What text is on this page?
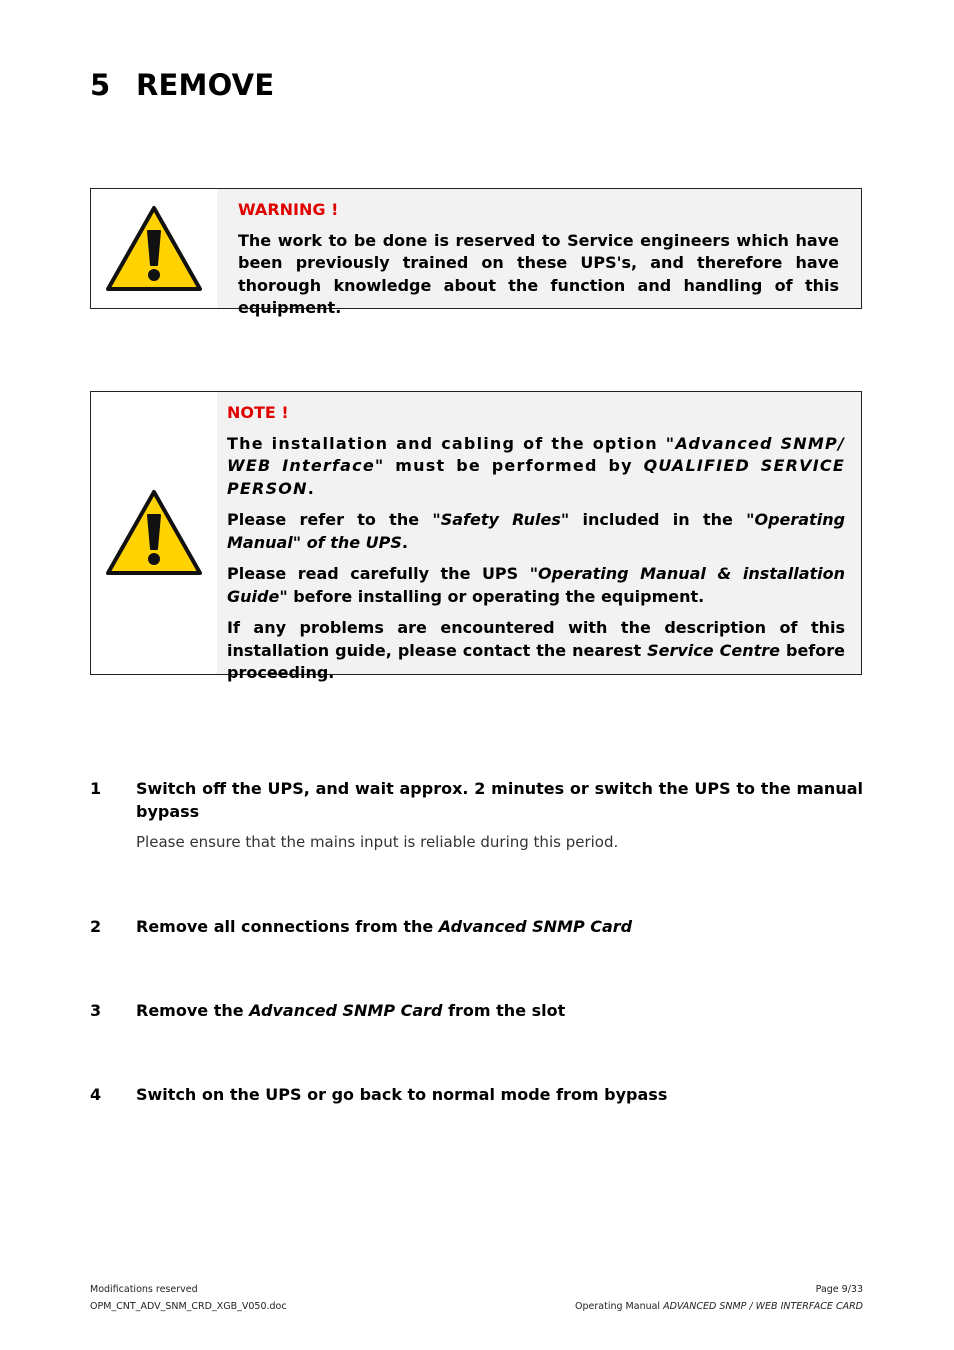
5 REMOVE
WARNING !
The work to be done is reserved to Service engineers which have been previously trained on these UPS's, and therefore have thorough knowledge about the function and handling of this equipment.
NOTE !
The installation and cabling of the option "Advanced SNMP/ WEB Interface" must be performed by QUALIFIED SERVICE PERSON.
Please refer to the "Safety Rules" included in the "Operating Manual" of the UPS.
Please read carefully the UPS "Operating Manual & installation Guide" before installing or operating the equipment.
If any problems are encountered with the description of this installation guide, please contact the nearest Service Centre before proceeding.
1 Switch off the UPS, and wait approx. 2 minutes or switch the UPS to the manual bypass
Please ensure that the mains input is reliable during this period.
2 Remove all connections from the Advanced SNMP Card
3 Remove the Advanced SNMP Card from the slot
4 Switch on the UPS or go back to normal mode from bypass
Modifications reserved
OPM_CNT_ADV_SNM_CRD_XGB_V050.doc
Page 9/33
Operating Manual ADVANCED SNMP / WEB INTERFACE CARD
